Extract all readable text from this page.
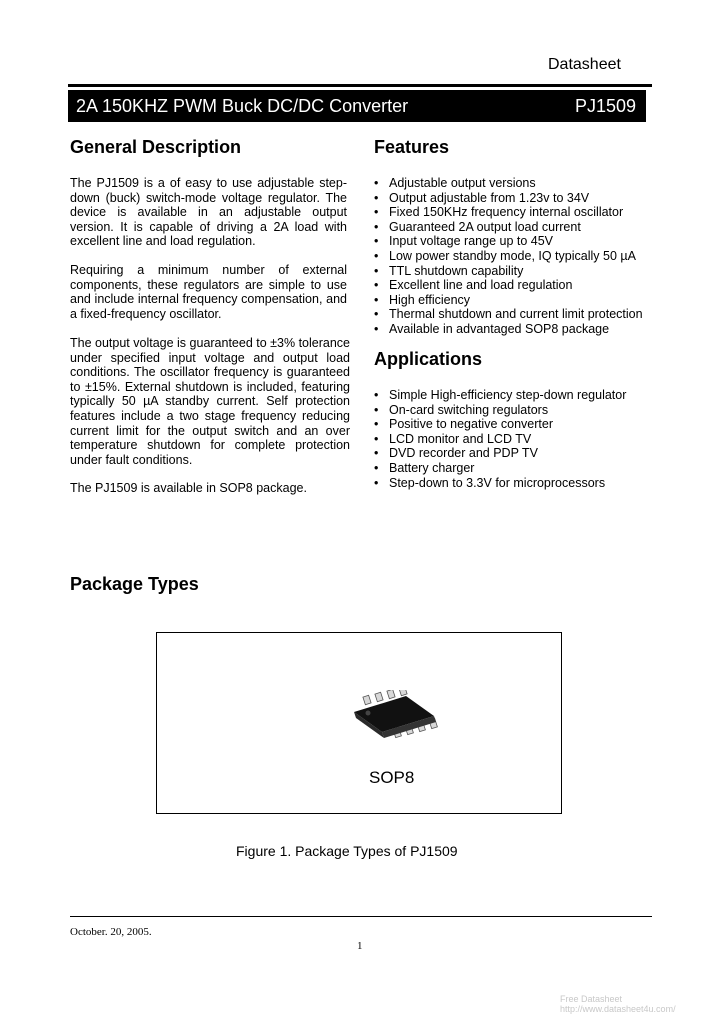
Datasheet
2A 150KHZ PWM Buck DC/DC Converter	PJ1509
General Description
The PJ1509 is a of easy to use adjustable step-down (buck) switch-mode voltage regulator. The device is available in an adjustable output version. It is capable of driving a 2A load with excellent line and load regulation.
Requiring a minimum number of external components, these regulators are simple to use and include internal frequency compensation, and a fixed-frequency oscillator.
The output voltage is guaranteed to ±3% tolerance under specified input voltage and output load conditions. The oscillator frequency is guaranteed to ±15%. External shutdown is included, featuring typically 50 µA standby current. Self protection features include a two stage frequency reducing current limit for the output switch and an over temperature shutdown for complete protection under fault conditions.
The PJ1509 is available in SOP8 package.
Features
• Adjustable output versions
• Output adjustable from 1.23v to 34V
• Fixed 150KHz frequency internal oscillator
• Guaranteed 2A output load current
• Input voltage range up to 45V
• Low power standby mode, IQ typically 50 µA
• TTL shutdown capability
• Excellent line and load regulation
• High efficiency
• Thermal shutdown and current limit protection
• Available in advantaged SOP8 package
Applications
• Simple High-efficiency step-down regulator
• On-card switching regulators
• Positive to negative converter
• LCD monitor and LCD TV
• DVD recorder and PDP TV
• Battery charger
• Step-down to 3.3V for microprocessors
Package Types
SOP8
Figure 1. Package Types of PJ1509
October. 20, 2005.
1
Free Datasheet http://www.datasheet4u.com/
